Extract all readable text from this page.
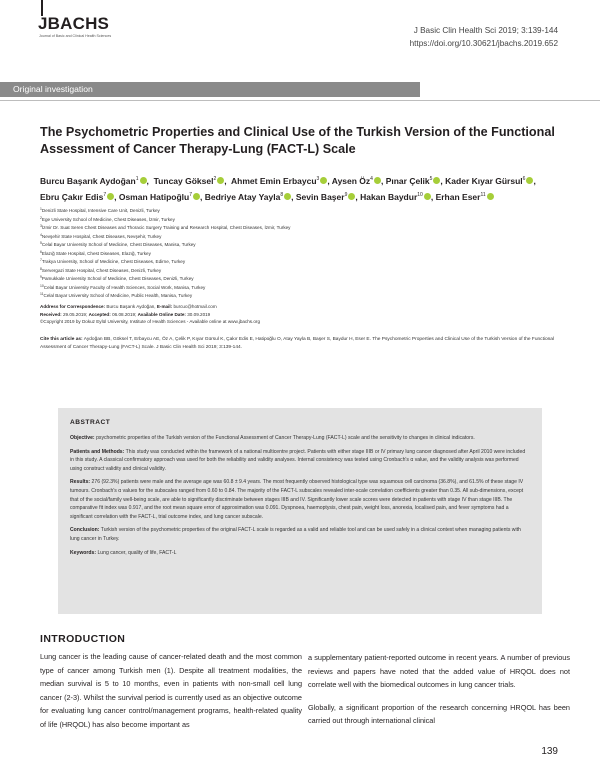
JBACHS
Journal of Basic and Clinical Health Sciences
J Basic Clin Health Sci 2019; 3:139-144
https://doi.org/10.30621/jbachs.2019.652
Original investigation
The Psychometric Properties and Clinical Use of the Turkish Version of the Functional Assessment of Cancer Therapy-Lung (FACT-L) Scale
Burcu Başarık Aydoğan$^1$ , Tuncay Göksel$^2$ , Ahmet Emin Erbaycu$^3$ , Aysen $Öz^4$ , Pınar Çelik$^5$ , Kader Kıyar Gürsul$^6$ , Ebru Çakır Edis$^7$ , Osman Hatipoğlu$^7$ , Bedriye Atay Yayla$^8$ , Sevin Başer$^9$ , Hakan Baydur$^{10}$ , Erhan Eser$^{11}$
$^1$Denizli State Hospital, Intensive Care Unit, Denizli, Turkey
$^2$Ege University School of Medicine, Chest Diseases, İzmir, Turkey
$^3$İzmir Dr. Suat Seren Chest Diseases and Thoracic Surgery Training and Research Hospital, Chest Diseases, İzmir, Turkey
$^4$Nevşehir State Hospital, Chest Diseases, Nevşehir, Turkey
$^5$Celal Bayar University School of Medicine, Chest Diseases, Manisa, Turkey
$^6$Elazığ State Hospital, Chest Diseases, Elazığ, Turkey
$^7$Trakya University, School of Medicine, Chest Diseases, Edirne, Turkey
$^8$Servergazi State Hospital, Chest Diseases, Denizli, Turkey
$^9$Pamukkale University School of Medicine, Chest Diseases, Denizli, Turkey
$^{10}$Celal Bayar University Faculty of Health Sciences, Social Work, Manisa, Turkey
$^{11}$Celal Bayar University School of Medicine, Public Health, Manisa, Turkey
Address for Correspondence: Burcu Başarık Aydoğan, E-mail: burcuc@hotmail.com
Received: 29.05.2019; Accepted: 06.08.2019; Available Online Date: 30.09.2019
©Copyright 2019 by Dokuz Eylül University, Institute of Health Sciences - Available online at www.jbachs.org
Cite this article as: Aydoğan BB, Göksel T, Erbaycu AE, Öz A, Çelik P, Kıyar Gürsul K, Çakır Edis E, Hatipoğlu O, Atay Yayla B, Başer S, Baydur H, Eser E. The Psychometric Properties and Clinical Use of the Turkish Version of the Functional Assessment of Cancer Therapy-Lung (FACT-L) Scale. J Basic Clin Health Sci 2019; 3:139-144.
ABSTRACT

Objective: psychometric properties of the Turkish version of the Functional Assessment of Cancer Therapy-Lung (FACT-L) scale and the sensitivity to changes in clinical indicators.

Patients and Methods: This study was conducted within the framework of a national multicentre project. Patients with either stage IIIB or IV primary lung cancer diagnosed after April 2010 were included in this study. A classical confirmatory approach was used for both the reliability and validity analyses. Internal consistency was tested using Cronbach's α value, and the validity analysis was performed using construct validity and clinical validity.

Results: 276 (92.3%) patients were male and the average age was 60.8 ± 9.4 years. The most frequently observed histological type was squamous cell carcinoma (36.8%), and 61.5% of these stage IV tumours. Cronbach's α values for the subscales ranged from 0.60 to 0.84. The majority of the FACT-L subscales revealed inter-scale correlation coefficients greater than 0.35. All sub-dimensions, except that of the social/family well-being scale, are able to significantly discriminate between stages IIIB and IV. Significantly lower scale scores were detected in patients with stage IV than stage IIIB. The comparative fit index was 0.917, and the root mean square error of approximation was 0.091. Dyspnoea, haemoptysis, chest pain, weight loss, anorexia, localised pain, and fever symptoms had a significant correlation with the FACT-L, trial outcome index, and lung cancer subscale.

Conclusion: Turkish version of the psychometric properties of the original FACT-L scale is regarded as a valid and reliable tool and can be used safely in a clinical context when managing patients with lung cancer in Turkey.

Keywords: Lung cancer, quality of life, FACT-L

INTRODUCTION

Lung cancer is the leading cause of cancer-related death and the most common type of cancer among Turkish men (1). Despite all treatment modalities, the median survival is 5 to 10 months, even in patients with non-small cell lung cancer (2-3). Whilst the survival period is currently used as an objective outcome for evaluating lung cancer control/management programs, health-related quality of life (HRQOL) has also become important as

a supplementary patient-reported outcome in recent years. A number of previous reviews and papers have noted that the added value of HRQOL does not correlate well with the biomedical outcomes in lung cancer trials.

Globally, a significant proportion of the research concerning HRQOL has been carried out through international clinical

139
